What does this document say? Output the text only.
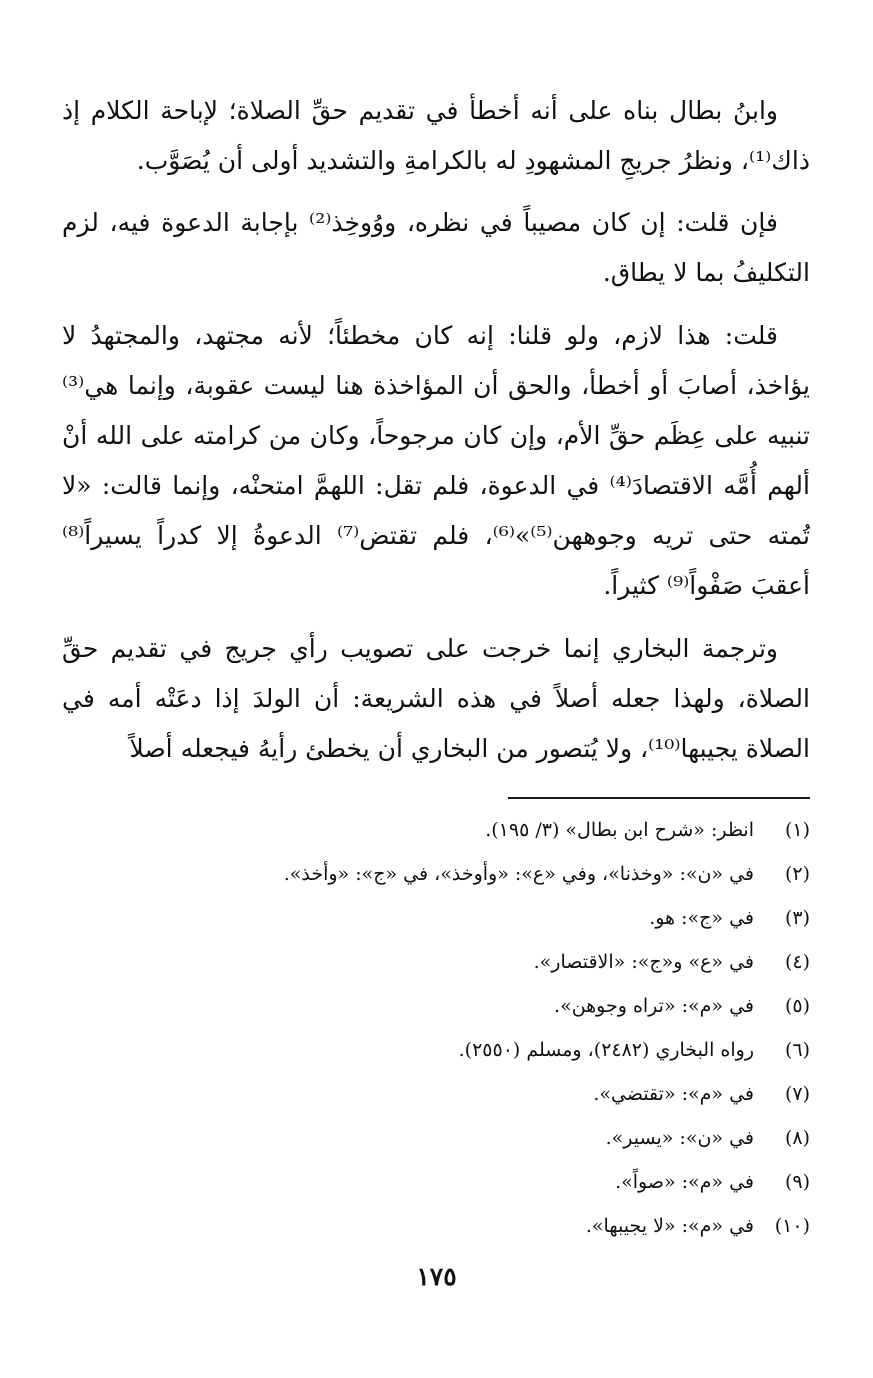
وابنُ بطال بناه على أنه أخطأ في تقديم حقِّ الصلاة؛ لإباحة الكلام إذ ذاك⁽¹⁾، ونظرُ جريجِ المشهودِ له بالكرامةِ والتشديد أولى أن يُصَوَّب.

فإن قلت: إن كان مصيباً في نظره، ووُوخِذ⁽²⁾ بإجابة الدعوة فيه، لزم التكليفُ بما لا يطاق.

قلت: هذا لازم، ولو قلنا: إنه كان مخطئاً؛ لأنه مجتهد، والمجتهدُ لا يؤاخذ، أصابَ أو أخطأ، والحق أن المؤاخذة هنا ليست عقوبة، وإنما هي⁽³⁾ تنبيه على عِظَم حقِّ الأم، وإن كان مرجوحاً، وكان من كرامته على الله أنْ ألهم أُمَّه الاقتصادَ⁽⁴⁾ في الدعوة، فلم تقل: اللهمَّ امتحنْه، وإنما قالت: «لا تُمته حتى تريه وجوههن⁽⁵⁾»⁽⁶⁾، فلم تقتض⁽⁷⁾ الدعوةُ إلا كدراً يسيراً⁽⁸⁾ أعقبَ صَفْواً⁽⁹⁾ كثيراً.

وترجمة البخاري إنما خرجت على تصويب رأي جريج في تقديم حقِّ الصلاة، ولهذا جعله أصلاً في هذه الشريعة: أن الولدَ إذا دعَتْه أمه في الصلاة يجيبها⁽¹⁰⁾، ولا يُتصور من البخاري أن يخطئ رأيهُ فيجعله أصلاً

(١)انظر: «شرح ابن بطال» (٣/ ١٩٥).
(٢)في «ن»: «وخذنا»، وفي «ع»: «وأوخذ»، في «ج»: «وأخذ».
(٣)في «ج»: هو.
(٤)في «ع» و«ج»: «الاقتصار».
(٥)في «م»: «تراه وجوهن».
(٦)رواه البخاري (٢٤٨٢)، ومسلم (٢٥٥٠).
(٧)في «م»: «تقتضي».
(٨)في «ن»: «يسير».
(٩)في «م»: «صواً».
(١٠)في «م»: «لا يجيبها».
١٧٥
